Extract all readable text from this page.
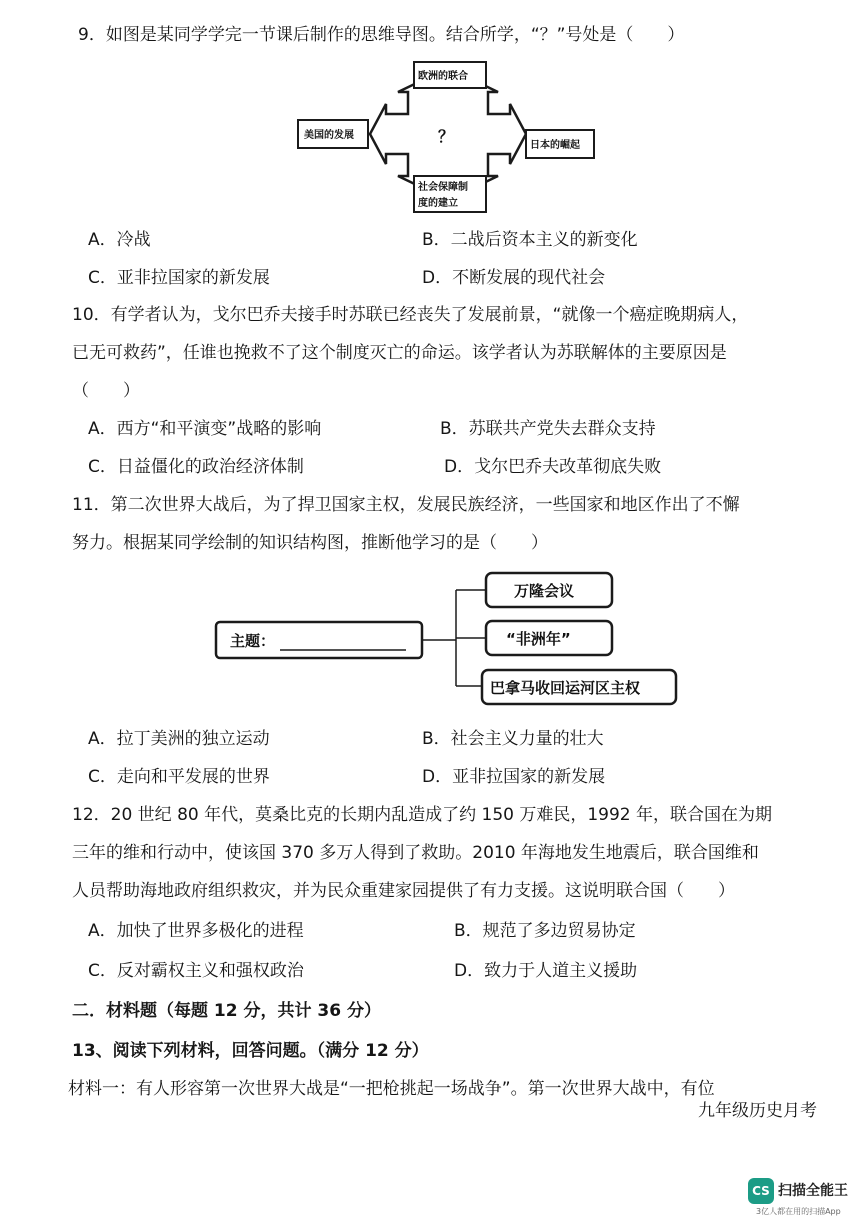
9．如图是某同学学完一节课后制作的思维导图。结合所学，“？”号处是（　　）
？
欧洲的联合
美国的发展
日本的崛起
社会保障制
度的建立
A．冷战	B．二战后资本主义的新变化
C．亚非拉国家的新发展	D．不断发展的现代社会
10．有学者认为，戈尔巴乔夫接手时苏联已经丧失了发展前景，“就像一个癌症晚期病人，
已无可救药”，任谁也挽救不了这个制度灭亡的命运。该学者认为苏联解体的主要原因是
（　　）
A．西方“和平演变”战略的影响	B．苏联共产党失去群众支持
C．日益僵化的政治经济体制	D．戈尔巴乔夫改革彻底失败
11．第二次世界大战后，为了捍卫国家主权，发展民族经济，一些国家和地区作出了不懈
努力。根据某同学绘制的知识结构图，推断他学习的是（　　）
主题：
万隆会议
“非洲年”
巴拿马收回运河区主权
A．拉丁美洲的独立运动	B．社会主义力量的壮大
C．走向和平发展的世界	D．亚非拉国家的新发展
12．20 世纪 80 年代，莫桑比克的长期内乱造成了约 150 万难民，1992 年，联合国在为期
三年的维和行动中，使该国 370 多万人得到了救助。2010 年海地发生地震后，联合国维和
人员帮助海地政府组织救灾，并为民众重建家园提供了有力支援。这说明联合国（　　）
A．加快了世界多极化的进程	B．规范了多边贸易协定
C．反对霸权主义和强权政治	D．致力于人道主义援助
二．材料题（每题 12 分，共计 36 分）
13、阅读下列材料，回答问题。（满分 12 分）
材料一：有人形容第一次世界大战是“一把枪挑起一场战争”。第一次世界大战中，有位
九年级历史月考
CS 扫描全能王
3亿人都在用的扫描App
